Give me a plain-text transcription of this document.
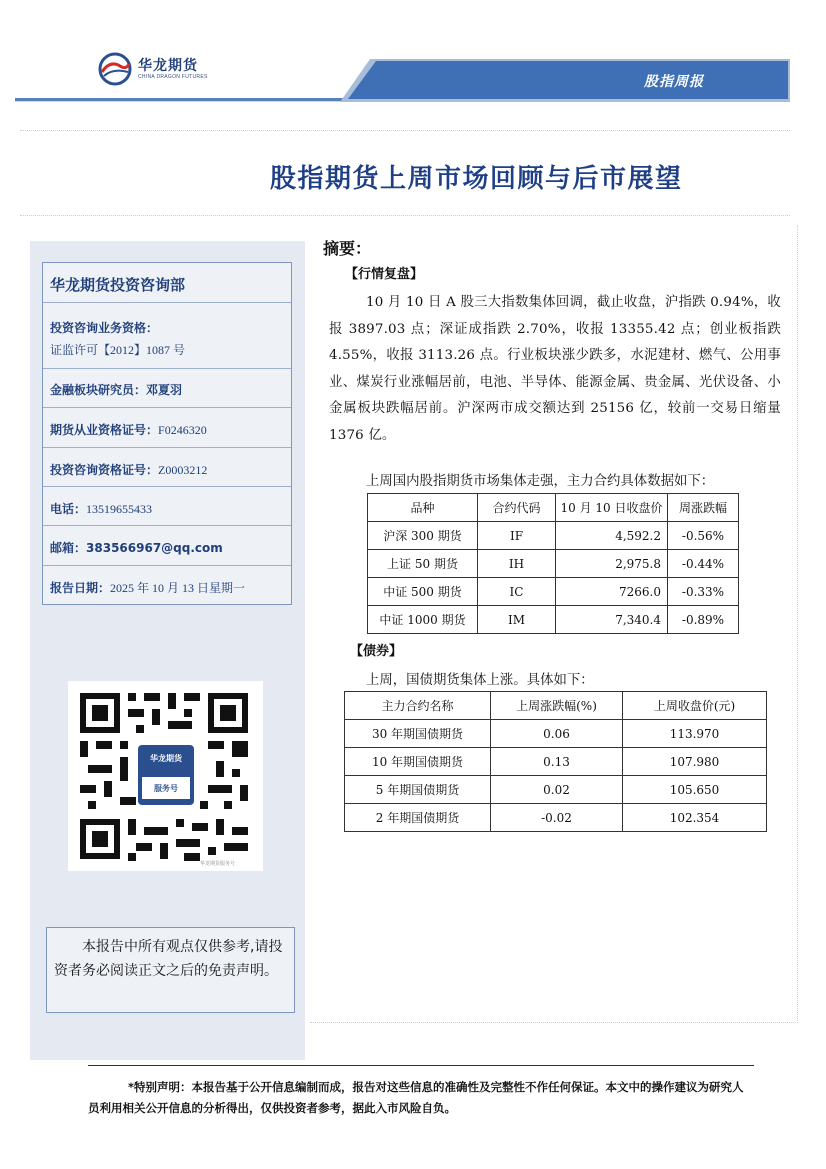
华龙期货
CHINA DRAGON FUTURES	股指周报
股指期货上周市场回顾与后市展望
华龙期货投资咨询部
投资咨询业务资格：
证监许可【2012】1087 号
金融板块研究员：邓夏羽
期货从业资格证号：F0246320
投资咨询资格证号：Z0003212
电话：13519655433
邮箱：383566967@qq.com
报告日期：2025 年 10 月 13 日星期一
华龙期货
服务号
华龙期货服务号
本报告中所有观点仅供参考,请投资者务必阅读正文之后的免责声明。
摘要：
【行情复盘】
10 月 10 日 A 股三大指数集体回调，截止收盘，沪指跌 0.94%，收报 3897.03 点；深证成指跌 2.70%，收报 13355.42 点；创业板指跌 4.55%，收报 3113.26 点。行业板块涨少跌多，水泥建材、燃气、公用事业、煤炭行业涨幅居前，电池、半导体、能源金属、贵金属、光伏设备、小金属板块跌幅居前。沪深两市成交额达到 25156 亿，较前一交易日缩量 1376 亿。
上周国内股指期货市场集体走强，主力合约具体数据如下：
品种	合约代码	10 月 10 日收盘价	周涨跌幅
沪深 300 期货	IF	4,592.2	-0.56%
上证 50 期货	IH	2,975.8	-0.44%
中证 500 期货	IC	7266.0	-0.33%
中证 1000 期货	IM	7,340.4	-0.89%
【债券】
上周，国债期货集体上涨。具体如下：
主力合约名称	上周涨跌幅(%)	上周收盘价(元)
30 年期国债期货	0.06	113.970
10 年期国债期货	0.13	107.980
5 年期国债期货	0.02	105.650
2 年期国债期货	-0.02	102.354
*特别声明：本报告基于公开信息编制而成，报告对这些信息的准确性及完整性不作任何保证。本文中的操作建议为研究人员利用相关公开信息的分析得出，仅供投资者参考，据此入市风险自负。
